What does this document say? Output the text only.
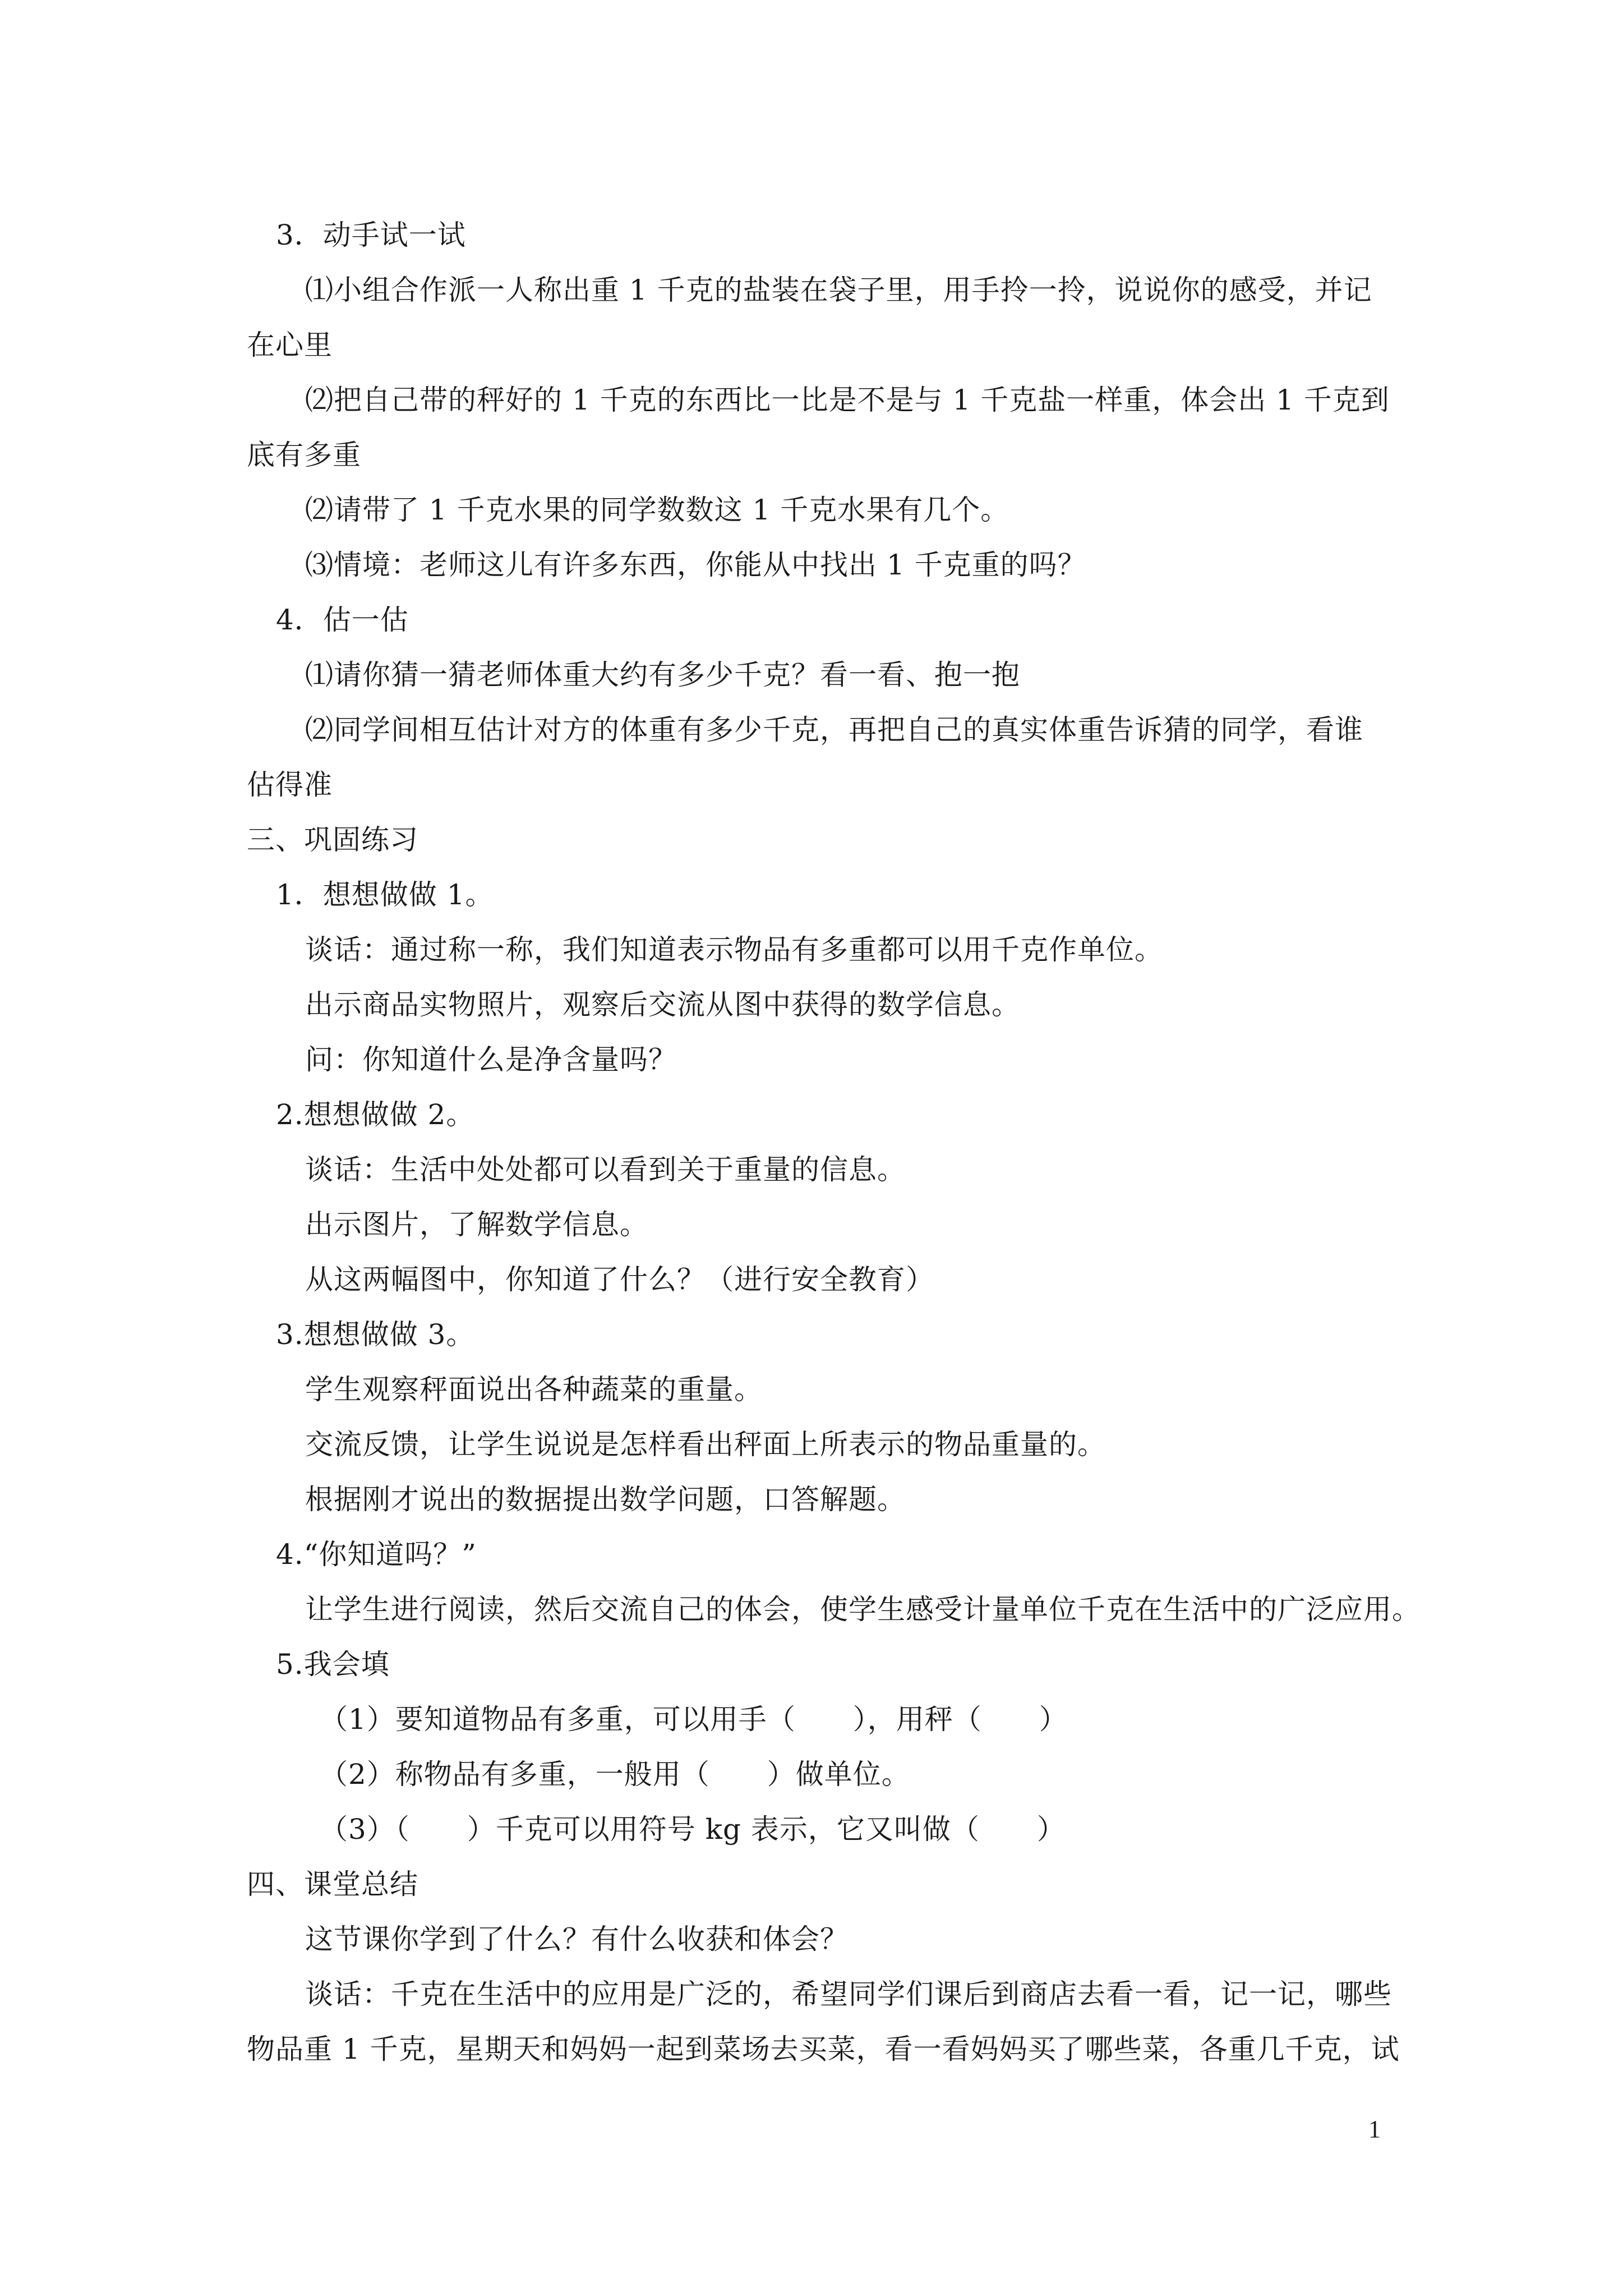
3．动手试一试
⑴小组合作派一人称出重 1 千克的盐装在袋子里，用手拎一拎，说说你的感受，并记
在心里
⑵把自己带的秤好的 1 千克的东西比一比是不是与 1 千克盐一样重，体会出 1 千克到
底有多重
⑵请带了 1 千克水果的同学数数这 1 千克水果有几个。
⑶情境：老师这儿有许多东西，你能从中找出 1 千克重的吗？
4．估一估
⑴请你猜一猜老师体重大约有多少千克？看一看、抱一抱
⑵同学间相互估计对方的体重有多少千克，再把自己的真实体重告诉猜的同学，看谁
估得准
三、巩固练习
1．想想做做 1。
谈话：通过称一称，我们知道表示物品有多重都可以用千克作单位。
出示商品实物照片，观察后交流从图中获得的数学信息。
问：你知道什么是净含量吗？
2.想想做做 2。
谈话：生活中处处都可以看到关于重量的信息。
出示图片，了解数学信息。
从这两幅图中，你知道了什么？（进行安全教育）
3.想想做做 3。
学生观察秤面说出各种蔬菜的重量。
交流反馈，让学生说说是怎样看出秤面上所表示的物品重量的。
根据刚才说出的数据提出数学问题，口答解题。
4.“你知道吗？”
让学生进行阅读，然后交流自己的体会，使学生感受计量单位千克在生活中的广泛应用。
5.我会填
（1）要知道物品有多重，可以用手（　　），用秤（　　）
（2）称物品有多重，一般用（　　）做单位。
（3）（　　）千克可以用符号 kg 表示，它又叫做（　　）
四、课堂总结
这节课你学到了什么？有什么收获和体会？
谈话：千克在生活中的应用是广泛的，希望同学们课后到商店去看一看，记一记，哪些
物品重 1 千克，星期天和妈妈一起到菜场去买菜，看一看妈妈买了哪些菜，各重几千克，试
1
